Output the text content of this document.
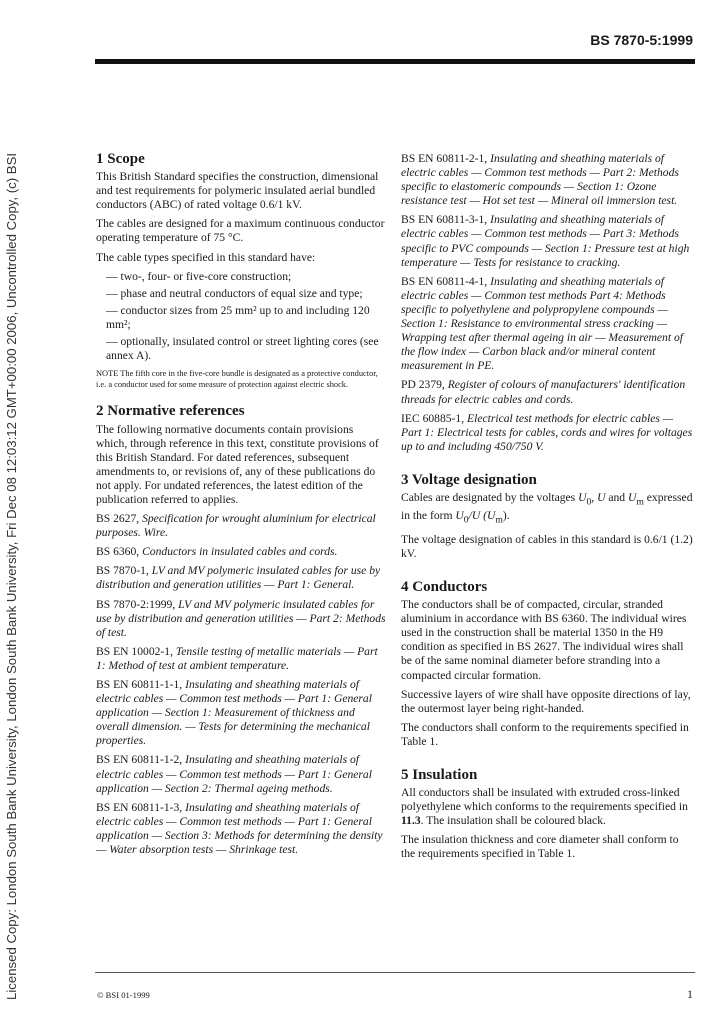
Licensed Copy: London South Bank University, London South Bank University, Fri Dec 08 12:03:12 GMT+00:00 2006, Uncontrolled Copy, (c) BSI
BS 7870-5:1999
1 Scope

This British Standard specifies the construction, dimensional and test requirements for polymeric insulated aerial bundled conductors (ABC) of rated voltage 0.6/1 kV.

The cables are designed for a maximum continuous conductor operating temperature of 75 °C.

The cable types specified in this standard have:

— two-, four- or five-core construction;

— phase and neutral conductors of equal size and type;

— conductor sizes from 25 mm² up to and including 120 mm²;

— optionally, insulated control or street lighting cores (see annex A).

NOTE The fifth core in the five-core bundle is designated as a protective conductor, i.e. a conductor used for some measure of protection against electric shock.

2 Normative references

The following normative documents contain provisions which, through reference in this text, constitute provisions of this British Standard. For dated references, subsequent amendments to, or revisions of, any of these publications do not apply. For undated references, the latest edition of the publication referred to applies.

BS 2627, Specification for wrought aluminium for electrical purposes. Wire.

BS 6360, Conductors in insulated cables and cords.

BS 7870-1, LV and MV polymeric insulated cables for use by distribution and generation utilities — Part 1: General.

BS 7870-2:1999, LV and MV polymeric insulated cables for use by distribution and generation utilities — Part 2: Methods of test.

BS EN 10002-1, Tensile testing of metallic materials — Part 1: Method of test at ambient temperature.

BS EN 60811-1-1, Insulating and sheathing materials of electric cables — Common test methods — Part 1: General application — Section 1: Measurement of thickness and overall dimension. — Tests for determining the mechanical properties.

BS EN 60811-1-2, Insulating and sheathing materials of electric cables — Common test methods — Part 1: General application — Section 2: Thermal ageing methods.

BS EN 60811-1-3, Insulating and sheathing materials of electric cables — Common test methods — Part 1: General application — Section 3: Methods for determining the density — Water absorption tests — Shrinkage test.

BS EN 60811-2-1, Insulating and sheathing materials of electric cables — Common test methods — Part 2: Methods specific to elastomeric compounds — Section 1: Ozone resistance test — Hot set test — Mineral oil immersion test.

BS EN 60811-3-1, Insulating and sheathing materials of electric cables — Common test methods — Part 3: Methods specific to PVC compounds — Section 1: Pressure test at high temperature — Tests for resistance to cracking.

BS EN 60811-4-1, Insulating and sheathing materials of electric cables — Common test methods Part 4: Methods specific to polyethylene and polypropylene compounds — Section 1: Resistance to environmental stress cracking — Wrapping test after thermal ageing in air — Measurement of the flow index — Carbon black and/or mineral content measurement in PE.

PD 2379, Register of colours of manufacturers' identification threads for electric cables and cords.

IEC 60885-1, Electrical test methods for electric cables — Part 1: Electrical tests for cables, cords and wires for voltages up to and including 450/750 V.

3 Voltage designation

Cables are designated by the voltages $U_0$, U and $U_m$ expressed in the form $U_0/U$ $(U_m)$.

The voltage designation of cables in this standard is 0.6/1 (1.2) kV.

4 Conductors

The conductors shall be of compacted, circular, stranded aluminium in accordance with BS 6360. The individual wires used in the construction shall be material 1350 in the H9 condition as specified in BS 2627. The individual wires shall be of the same nominal diameter before stranding into a compacted circular formation.

Successive layers of wire shall have opposite directions of lay, the outermost layer being right-handed.

The conductors shall conform to the requirements specified in Table 1.

5 Insulation

All conductors shall be insulated with extruded cross-linked polyethylene which conforms to the requirements specified in 11.3. The insulation shall be coloured black.

The insulation thickness and core diameter shall conform to the requirements specified in Table 1.

© BSI 01-1999	1
